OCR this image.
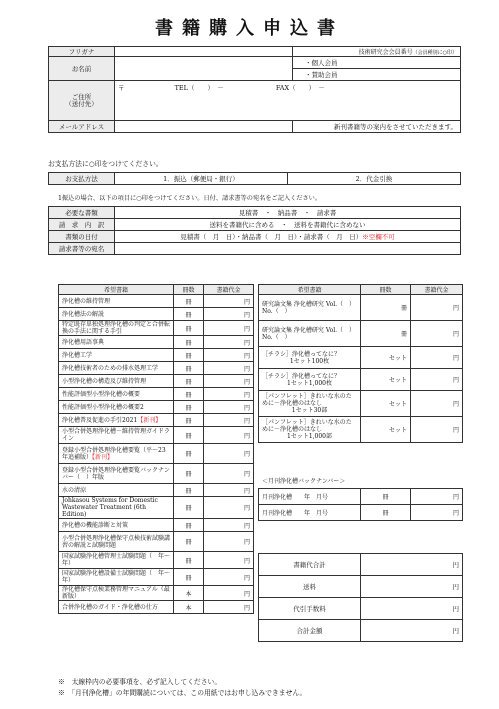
書籍購入申込書
フリガナ		技術研究会会員番号（会員種別に○印）
お名前		・個人会員
		・賛助会員

ご住所
（送付先）	〒 TEL（　　）　－ FAX（　　）　－	
メールアドレス		新刊書籍等の案内をさせていただきます。
お支払方法に○印をつけてください。
お支払方法	1．振込（郵便局・銀行）	2．代金引換
1振込の場合、以下の項目に○印をつけてください。日付、請求書等の宛名をご記入ください。
必要な書類	見積書　・　納品書　・　請求書
請　求　内　訳	送料を書籍代に含める　・　送料を書籍代に含めない
書類の日付	見積書（　月　日）・納品書（　月　日）・請求書（　月　日）※空欄不可
請求書等の宛名	
希望書籍	冊数	書籍代金
浄化槽の維持管理	冊	円
浄化槽法の解説	冊	円
特定既存単独処理浄化槽の判定と合併転換の手法に関する手引	冊	円
浄化槽用語事典	冊	円
浄化槽工学	冊	円
浄化槽技術者のための排水処理工学	冊	円
小型浄化槽の構造及び維持管理	冊	円
性能評価型小型浄化槽の概要	冊	円
性能評価型小型浄化槽の概要2	冊	円
浄化槽普及促進の手引2021【新刊】	冊	円
小型合併処理浄化槽－維持管理ガイドライン	冊	円
登録小型合併処理浄化槽要覧（平～23年追補版）【新刊】	冊	円
登録小型合併処理浄化槽要覧バックナンバー（　）年版	冊	円
水の清涼	冊	円
Johkasou Systems for Domestic Wastewater Treatment (6th Edition)	冊	円
浄化槽の機能診断と対策	冊	円
小型合併処理浄化槽保守点検技術試験講習の解説と試験問題	冊	円
国家試験浄化槽管理士試験問題（　年～　年）	冊	円
国家試験浄化槽設備士試験問題（　年～　年）	冊	円
浄化槽保守点検業務管理マニュアル（最新版）	本	円
合併浄化槽のガイド・浄化槽の仕方	本	円
希望書籍	冊数	書籍代金

研究論文集 浄化槽研究 Vol.（　）No.（　）	冊	円

研究論文集 浄化槽研究 Vol.（　）No.（　）	冊	円

［チラシ］浄化槽ってなに？
1セット100枚	セット	円

［チラシ］浄化槽ってなに？
1セット1,000枚	セット	円

［パンフレット］きれいな水のために－浄化槽のはなし
1セット30部	セット	円

［パンフレット］きれいな水のために－浄化槽のはなし
1セット1,000部	セット	円
＜月刊浄化槽バックナンバー＞
月刊浄化槽　　年　月号	冊	円
月刊浄化槽　　年　月号	冊	円
書籍代合計	円
送料	円
代引手数料	円
合計金額	円
※　太線枠内の必要事項を、必ず記入してください。
※　「月刊浄化槽」の年間購読については、この用紙ではお申し込みできません。
